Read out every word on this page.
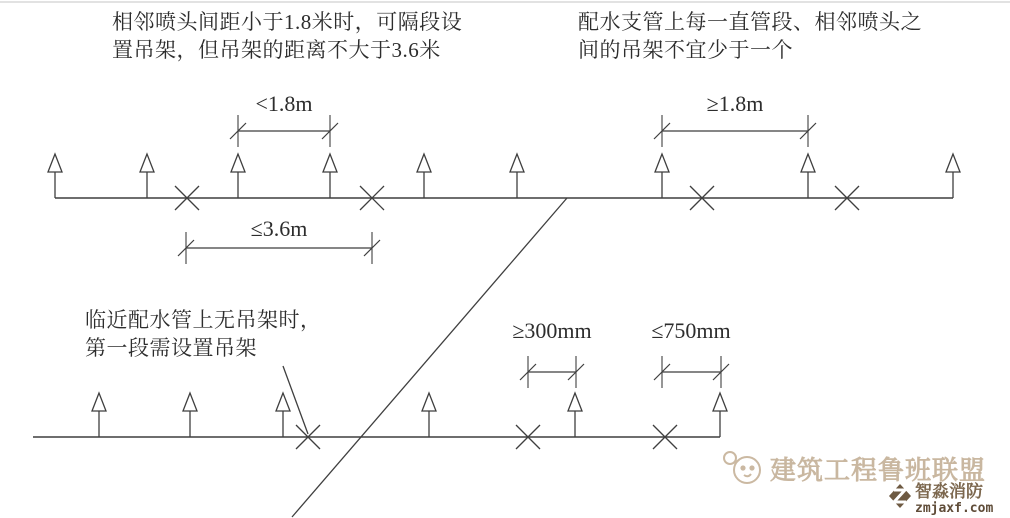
<1.8m	≥1.8m
≤3.6m
≥300mm	≤750mm
相邻喷头间距小于1.8米时，可隔段设
置吊架，但吊架的距离不大于3.6米
配水支管上每一直管段、相邻喷头之
间的吊架不宜少于一个
临近配水管上无吊架时，
第一段需设置吊架
建筑工程鲁班联盟
智淼消防
zmjaxf.com
